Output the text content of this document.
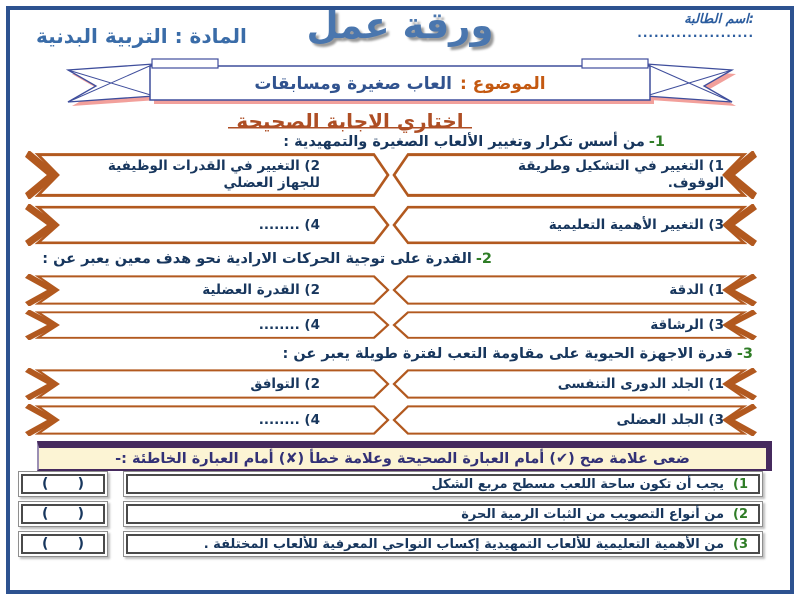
اسم الطالبة:
.....................
ورقة عمل
المادة : التربية البدنية
الموضوع :
العاب صغيرة ومسابقات
اختاري الاجابة الصحيحة
1-من أسس تكرار وتغيير الألعاب الصغيرة والتمهيدية :
1) التغيير في التشكيل وطريقة الوقوف.
2) التغيير في القدرات الوظيفية للجهاز العضلي
3) التغيير الأهمية التعليمية
4) ........
2-القدرة على توجية الحركات الارادية نحو هدف معين يعبر عن :
1) الدقة
2) القدرة العضلية
3) الرشاقة
4) ........
3-قدرة الاجهزة الحيوية على مقاومة التعب لفترة طويلة يعبر عن :
1) الجلد الدورى التنفسى
2) التوافق
3) الجلد العضلى
4) ........
ضعى علامة صح (✔) أمام العبارة الصحيحة وعلامة خطأ (✘) أمام العبارة الخاطئة :-
1)
يجب أن تكون ساحة اللعب مسطح مربع الشكل
(      )
2)
من أنواع التصويب من الثبات الرمية الحرة
(      )
3)
من الأهمية التعليمية للألعاب التمهيدية إكساب النواحي المعرفية للألعاب المختلفة .
(      )
